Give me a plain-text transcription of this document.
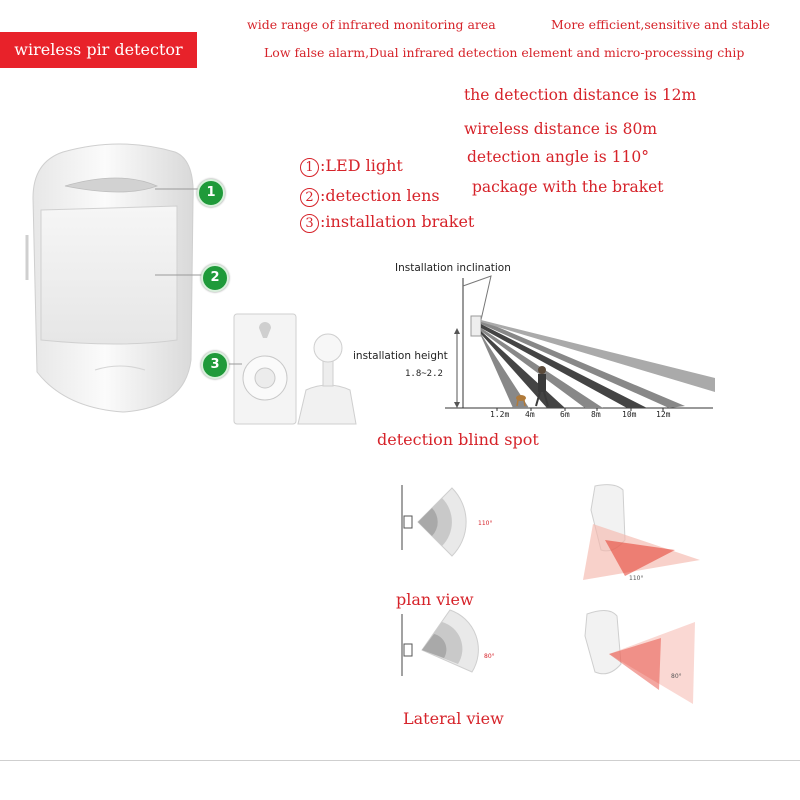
wireless pir detector
wide range of infrared monitoring area	More efficient,sensitive and stable
Low false alarm,Dual infrared detection element and micro-processing chip
the detection distance is 12m
wireless distance is 80m
detection angle is 110°
package with the braket
1 :LED light
2 :detection lens
3 :installation braket
1
2
3
Installation inclination
installation height
1.8~2.2
1.2m 4m	6m	8m	10m 12m
detection blind spot
110°
110°
plan view
80°
80°
Lateral view
